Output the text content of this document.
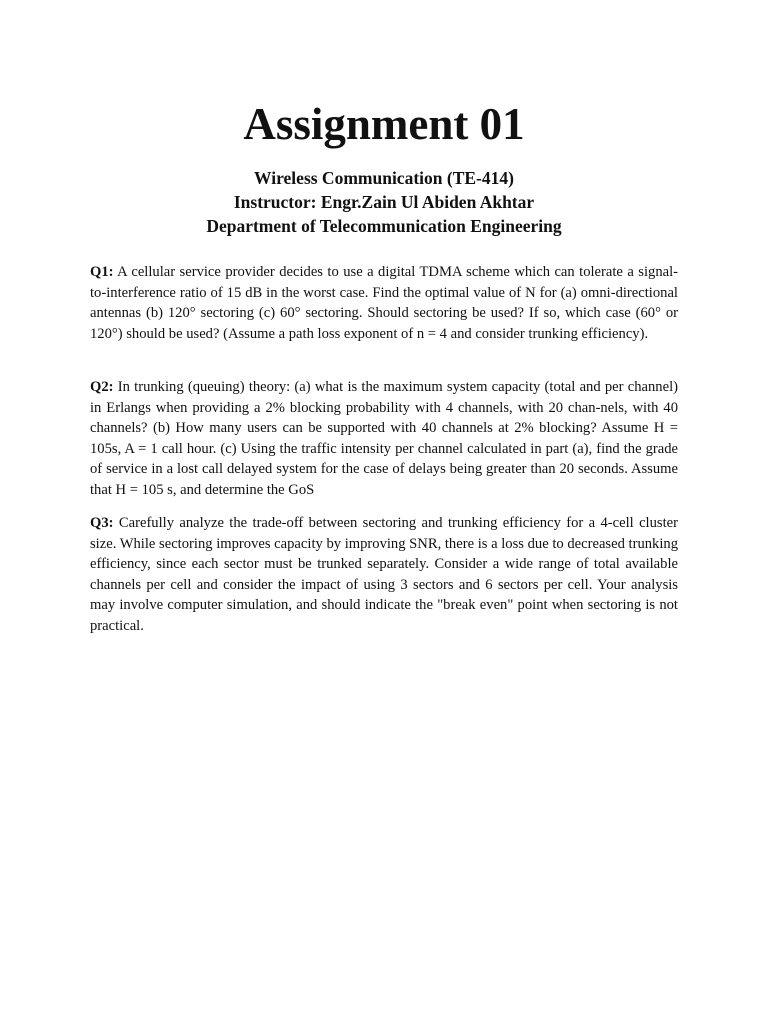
Assignment 01

Wireless Communication (TE-414)

Instructor: Engr.Zain Ul Abiden Akhtar

Department of Telecommunication Engineering

Q1: A cellular service provider decides to use a digital TDMA scheme which can tolerate a signal-to-interference ratio of 15 dB in the worst case. Find the optimal value of N for (a) omni-directional antennas (b) 120° sectoring (c) 60° sectoring. Should sectoring be used? If so, which case (60° or 120°) should be used? (Assume a path loss exponent of n = 4 and consider trunking efficiency).

Q2: In trunking (queuing) theory: (a) what is the maximum system capacity (total and per channel) in Erlangs when providing a 2% blocking probability with 4 channels, with 20 chan-nels, with 40 channels? (b) How many users can be supported with 40 channels at 2% blocking? Assume H = 105s, A = 1 call hour. (c) Using the traffic intensity per channel calculated in part (a), find the grade of service in a lost call delayed system for the case of delays being greater than 20 seconds. Assume that H = 105 s, and determine the GoS

Q3: Carefully analyze the trade-off between sectoring and trunking efficiency for a 4-cell cluster size. While sectoring improves capacity by improving SNR, there is a loss due to decreased trunking efficiency, since each sector must be trunked separately. Consider a wide range of total available channels per cell and consider the impact of using 3 sectors and 6 sectors per cell. Your analysis may involve computer simulation, and should indicate the "break even" point when sectoring is not practical.
